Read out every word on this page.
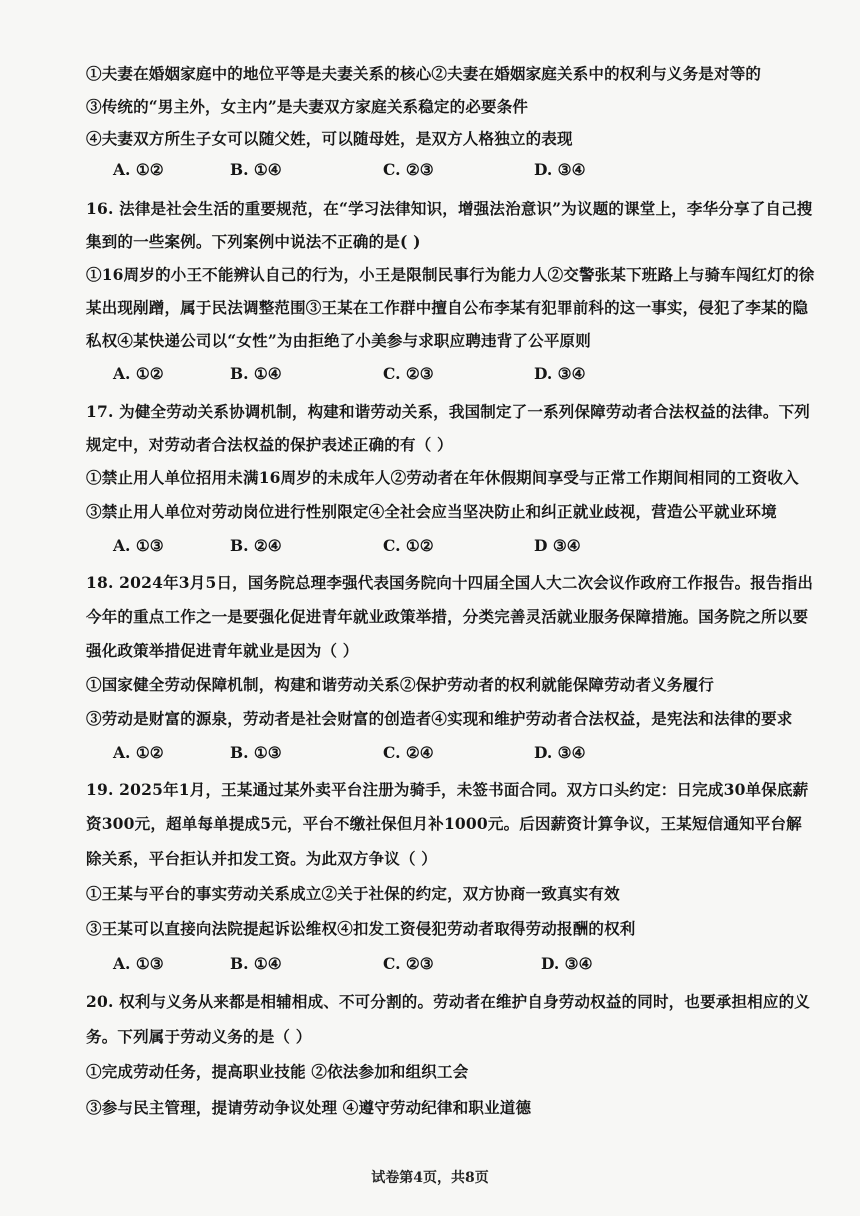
①夫妻在婚姻家庭中的地位平等是夫妻关系的核心②夫妻在婚姻家庭关系中的权利与义务是对等的
③传统的“男主外，女主内”是夫妻双方家庭关系稳定的必要条件
④夫妻双方所生子女可以随父姓，可以随母姓，是双方人格独立的表现
A. ①②	B. ①④	C. ②③	D. ③④
16. 法律是社会生活的重要规范，在“学习法律知识，增强法治意识”为议题的课堂上，李华分享了自己搜
集到的一些案例。下列案例中说法不正确的是( )
①16周岁的小王不能辨认自己的行为，小王是限制民事行为能力人②交警张某下班路上与骑车闯红灯的徐
某出现剐蹭，属于民法调整范围③王某在工作群中擅自公布李某有犯罪前科的这一事实，侵犯了李某的隐
私权④某快递公司以“女性”为由拒绝了小美参与求职应聘违背了公平原则
A. ①②	B. ①④	C. ②③	D. ③④
17. 为健全劳动关系协调机制，构建和谐劳动关系，我国制定了一系列保障劳动者合法权益的法律。下列
规定中，对劳动者合法权益的保护表述正确的有（ ）
①禁止用人单位招用未满16周岁的未成年人②劳动者在年休假期间享受与正常工作期间相同的工资收入
③禁止用人单位对劳动岗位进行性别限定④全社会应当坚决防止和纠正就业歧视，营造公平就业环境
A. ①③	B. ②④	C. ①②	D ③④
18. 2024年3月5日，国务院总理李强代表国务院向十四届全国人大二次会议作政府工作报告。报告指出
今年的重点工作之一是要强化促进青年就业政策举措，分类完善灵活就业服务保障措施。国务院之所以要
强化政策举措促进青年就业是因为（ ）
①国家健全劳动保障机制，构建和谐劳动关系②保护劳动者的权利就能保障劳动者义务履行
③劳动是财富的源泉，劳动者是社会财富的创造者④实现和维护劳动者合法权益，是宪法和法律的要求
A. ①②	B. ①③	C. ②④	D. ③④
19. 2025年1月，王某通过某外卖平台注册为骑手，未签书面合同。双方口头约定：日完成30单保底薪
资300元，超单每单提成5元，平台不缴社保但月补1000元。后因薪资计算争议，王某短信通知平台解
除关系，平台拒认并扣发工资。为此双方争议（ ）
①王某与平台的事实劳动关系成立②关于社保的约定，双方协商一致真实有效
③王某可以直接向法院提起诉讼维权④扣发工资侵犯劳动者取得劳动报酬的权利
A. ①③	B. ①④	C. ②③	D. ③④
20. 权利与义务从来都是相辅相成、不可分割的。劳动者在维护自身劳动权益的同时，也要承担相应的义
务。下列属于劳动义务的是（ ）
①完成劳动任务，提高职业技能 ②依法参加和组织工会
③参与民主管理，提请劳动争议处理 ④遵守劳动纪律和职业道德
试卷第4页，共8页
